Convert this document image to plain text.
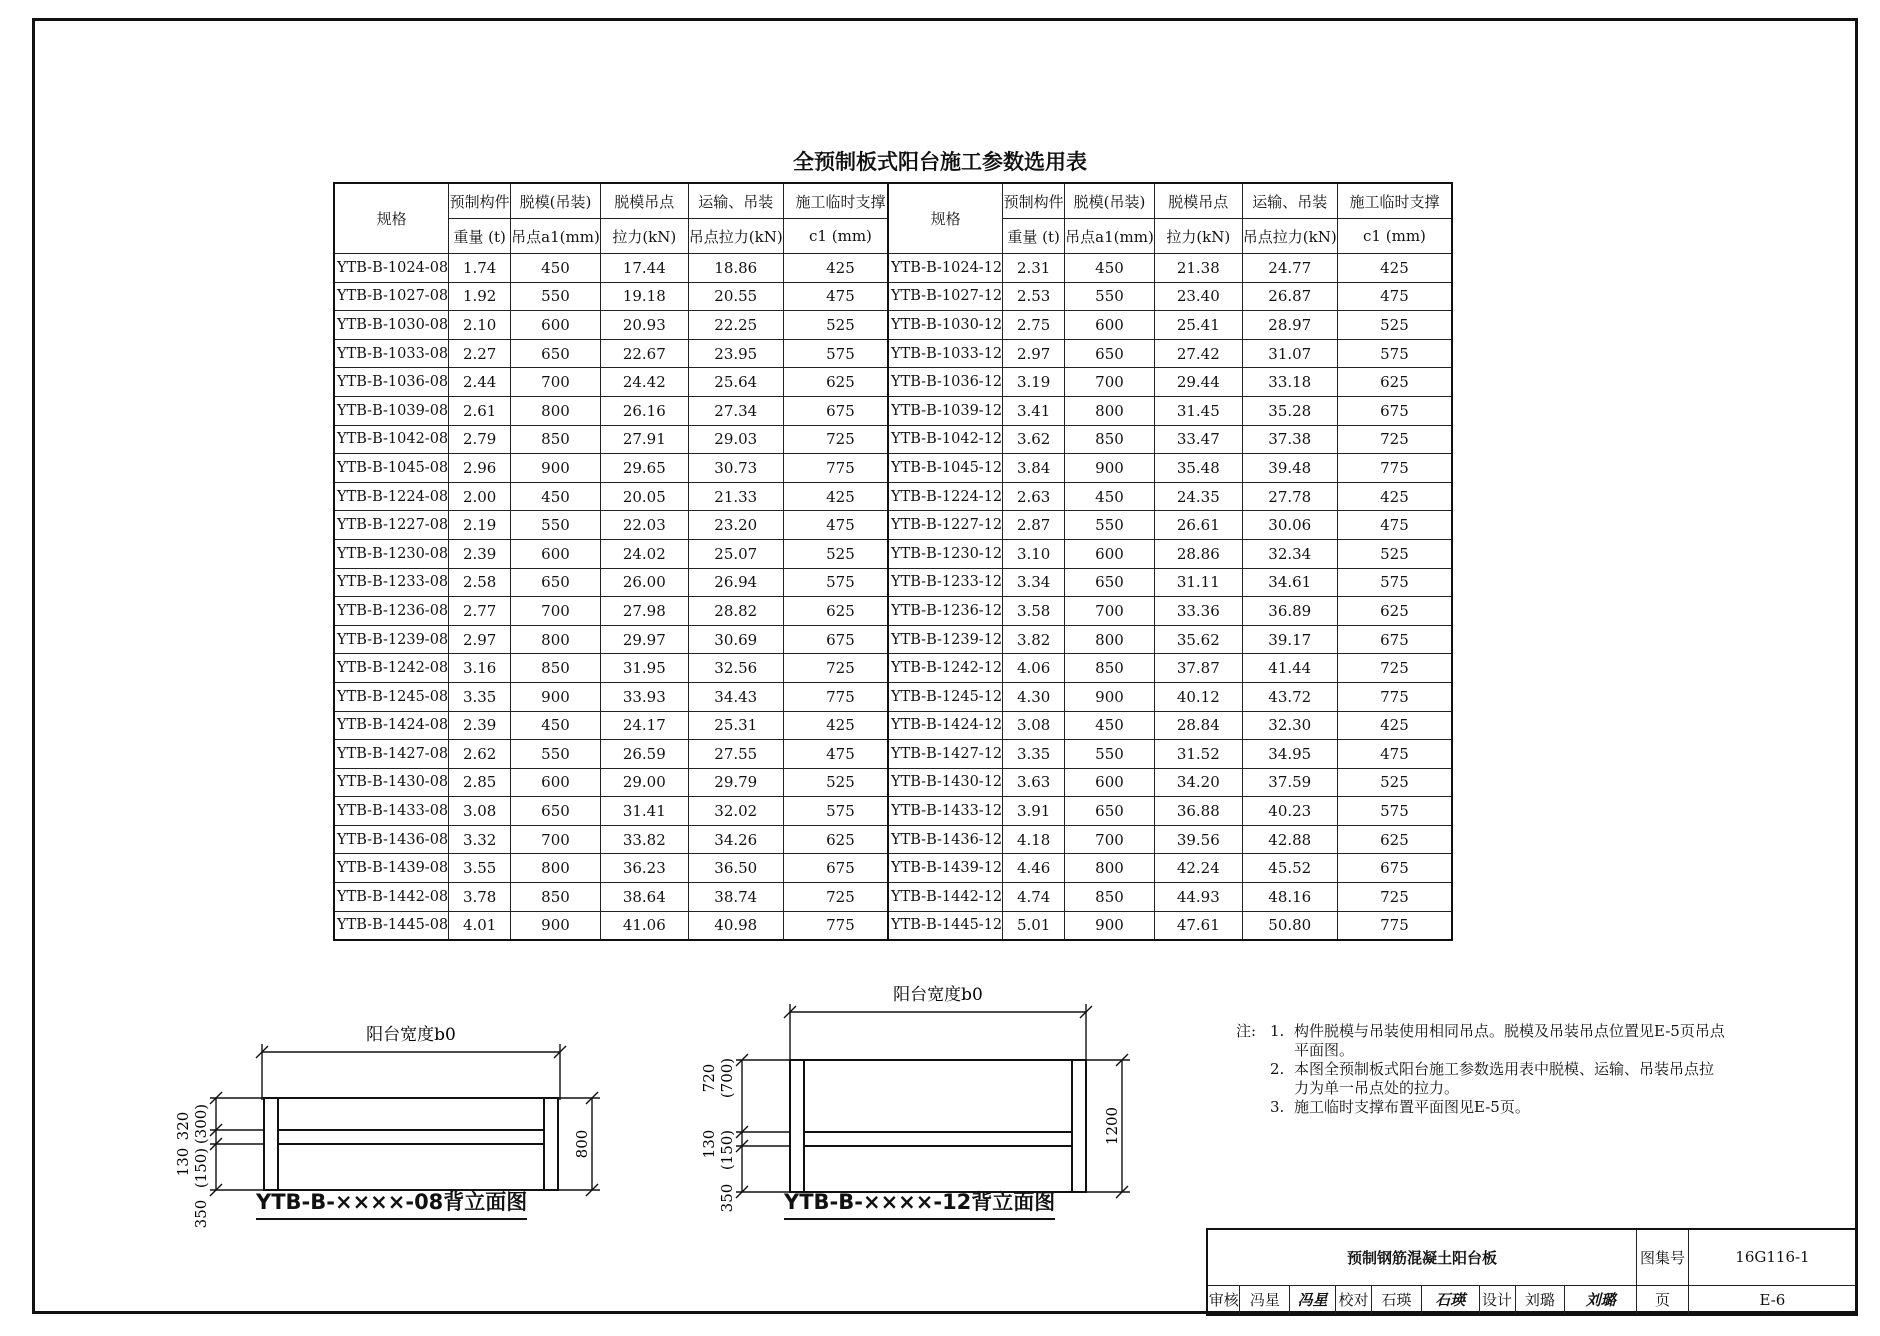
全预制板式阳台施工参数选用表
规格	预制构件	脱模(吊装)	脱模吊点	运输、吊装	施工临时支撑
	重量 (t)	吊点a1(mm)	拉力(kN)	吊点拉力(kN)	c1 (mm)
YTB-B-1024-08	1.74	450	17.44	18.86	425
YTB-B-1027-08	1.92	550	19.18	20.55	475
YTB-B-1030-08	2.10	600	20.93	22.25	525
YTB-B-1033-08	2.27	650	22.67	23.95	575
YTB-B-1036-08	2.44	700	24.42	25.64	625
YTB-B-1039-08	2.61	800	26.16	27.34	675
YTB-B-1042-08	2.79	850	27.91	29.03	725
YTB-B-1045-08	2.96	900	29.65	30.73	775
YTB-B-1224-08	2.00	450	20.05	21.33	425
YTB-B-1227-08	2.19	550	22.03	23.20	475
YTB-B-1230-08	2.39	600	24.02	25.07	525
YTB-B-1233-08	2.58	650	26.00	26.94	575
YTB-B-1236-08	2.77	700	27.98	28.82	625
YTB-B-1239-08	2.97	800	29.97	30.69	675
YTB-B-1242-08	3.16	850	31.95	32.56	725
YTB-B-1245-08	3.35	900	33.93	34.43	775
YTB-B-1424-08	2.39	450	24.17	25.31	425
YTB-B-1427-08	2.62	550	26.59	27.55	475
YTB-B-1430-08	2.85	600	29.00	29.79	525
YTB-B-1433-08	3.08	650	31.41	32.02	575
YTB-B-1436-08	3.32	700	33.82	34.26	625
YTB-B-1439-08	3.55	800	36.23	36.50	675
YTB-B-1442-08	3.78	850	38.64	38.74	725
YTB-B-1445-08	4.01	900	41.06	40.98	775
规格	预制构件	脱模(吊装)	脱模吊点	运输、吊装	施工临时支撑
	重量 (t)	吊点a1(mm)	拉力(kN)	吊点拉力(kN)	c1 (mm)
YTB-B-1024-12	2.31	450	21.38	24.77	425
YTB-B-1027-12	2.53	550	23.40	26.87	475
YTB-B-1030-12	2.75	600	25.41	28.97	525
YTB-B-1033-12	2.97	650	27.42	31.07	575
YTB-B-1036-12	3.19	700	29.44	33.18	625
YTB-B-1039-12	3.41	800	31.45	35.28	675
YTB-B-1042-12	3.62	850	33.47	37.38	725
YTB-B-1045-12	3.84	900	35.48	39.48	775
YTB-B-1224-12	2.63	450	24.35	27.78	425
YTB-B-1227-12	2.87	550	26.61	30.06	475
YTB-B-1230-12	3.10	600	28.86	32.34	525
YTB-B-1233-12	3.34	650	31.11	34.61	575
YTB-B-1236-12	3.58	700	33.36	36.89	625
YTB-B-1239-12	3.82	800	35.62	39.17	675
YTB-B-1242-12	4.06	850	37.87	41.44	725
YTB-B-1245-12	4.30	900	40.12	43.72	775
YTB-B-1424-12	3.08	450	28.84	32.30	425
YTB-B-1427-12	3.35	550	31.52	34.95	475
YTB-B-1430-12	3.63	600	34.20	37.59	525
YTB-B-1433-12	3.91	650	36.88	40.23	575
YTB-B-1436-12	4.18	700	39.56	42.88	625
YTB-B-1439-12	4.46	800	42.24	45.52	675
YTB-B-1442-12	4.74	850	44.93	48.16	725
YTB-B-1445-12	5.01	900	47.61	50.80	775
阳台宽度b0
320 (300)
130 (150)
350
800
YTB-B-××××-08背立面图
阳台宽度b0
720 (700)
130 (150)
350
1200
YTB-B-××××-12背立面图
注: 1. 构件脱模与吊装使用相同吊点。脱模及吊装吊点位置见E-5页吊点平面图。
2. 本图全预制板式阳台施工参数选用表中脱模、运输、吊装吊点拉力为单一吊点处的拉力。
3. 施工临时支撑布置平面图见E-5页。
预制钢筋混凝土阳台板									图集号	16G116-1
审核	冯星	冯星	校对	石瑛	石瑛	设计	刘璐	刘璐	页	E-6
